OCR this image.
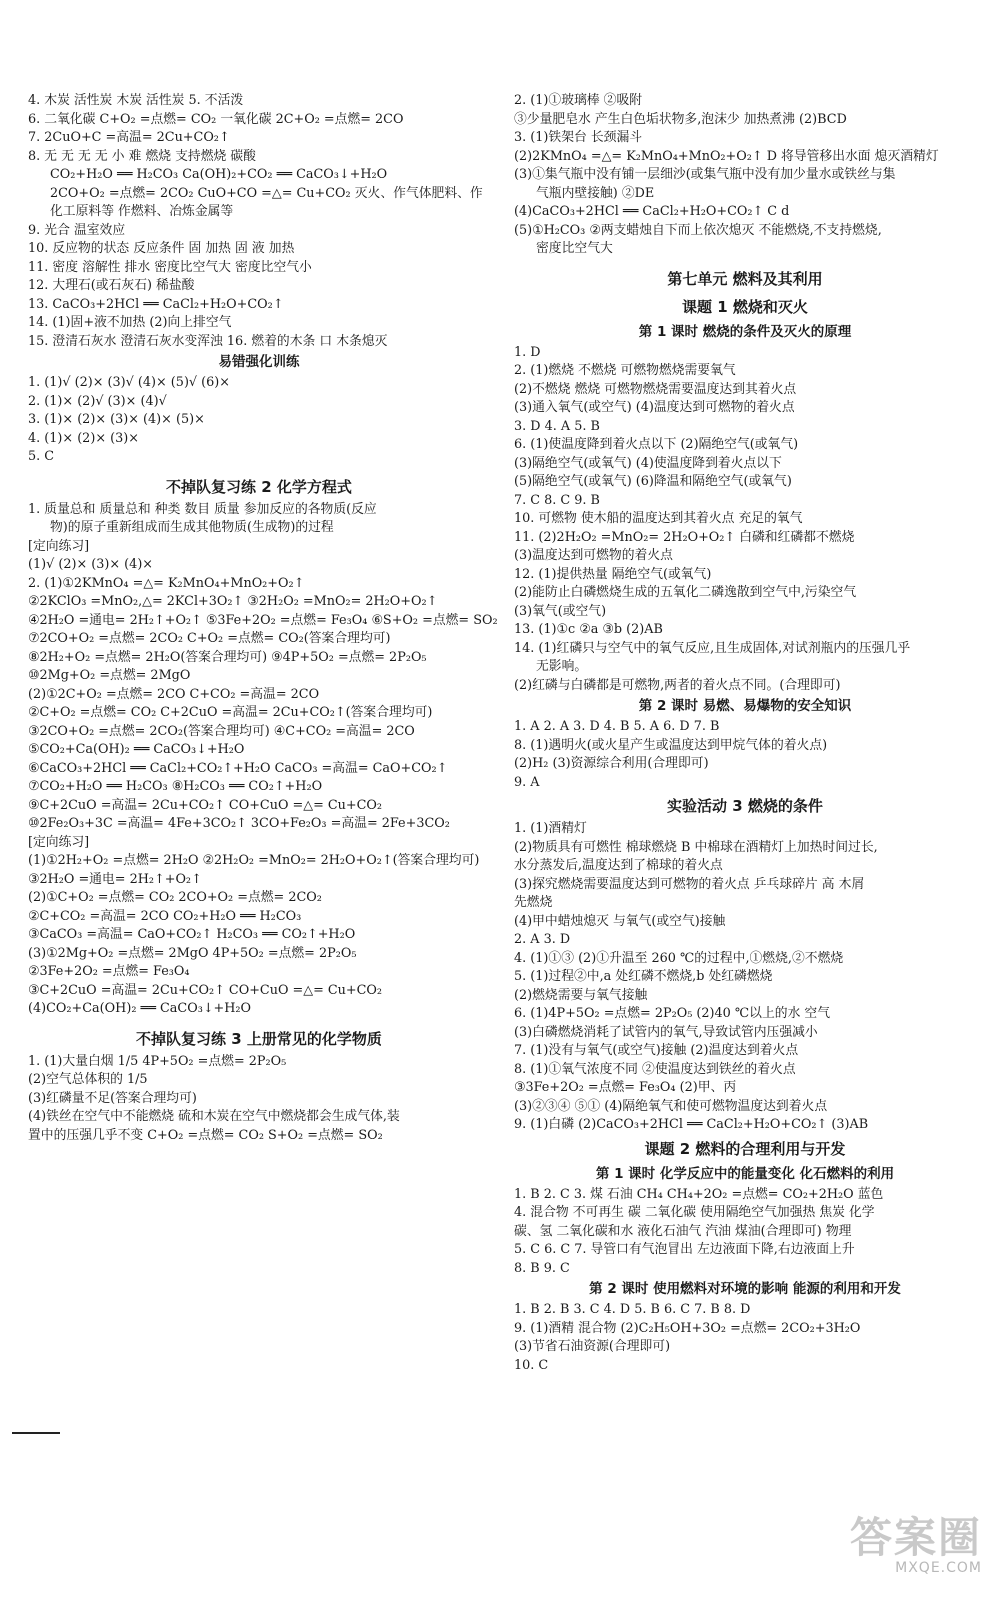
4. 木炭 活性炭 木炭 活性炭 5. 不活泼
6. 二氧化碳 C+O₂ =点燃= CO₂ 一氧化碳 2C+O₂ =点燃= 2CO
7. 2CuO+C =高温= 2Cu+CO₂↑
8. 无 无 无 无 小 难 燃烧 支持燃烧 碳酸
CO₂+H₂O ══ H₂CO₃ Ca(OH)₂+CO₂ ══ CaCO₃↓+H₂O
2CO+O₂ =点燃= 2CO₂ CuO+CO =△= Cu+CO₂ 灭火、作气体肥料、作
化工原料等 作燃料、冶炼金属等
9. 光合 温室效应
10. 反应物的状态 反应条件 固 加热 固 液 加热
11. 密度 溶解性 排水 密度比空气大 密度比空气小
12. 大理石(或石灰石) 稀盐酸
13. CaCO₃+2HCl ══ CaCl₂+H₂O+CO₂↑
14. (1)固+液不加热 (2)向上排空气
15. 澄清石灰水 澄清石灰水变浑浊 16. 燃着的木条 口 木条熄灭
易错强化训练
1. (1)√ (2)× (3)√ (4)× (5)√ (6)×
2. (1)× (2)√ (3)× (4)√
3. (1)× (2)× (3)× (4)× (5)×
4. (1)× (2)× (3)×
5. C
不掉队复习练 2 化学方程式
1. 质量总和 质量总和 种类 数目 质量 参加反应的各物质(反应
物)的原子重新组成而生成其他物质(生成物)的过程
[定向练习]
(1)√ (2)× (3)× (4)×
2. (1)①2KMnO₄ =△= K₂MnO₄+MnO₂+O₂↑
②2KClO₃ =MnO₂,△= 2KCl+3O₂↑ ③2H₂O₂ =MnO₂= 2H₂O+O₂↑
④2H₂O =通电= 2H₂↑+O₂↑ ⑤3Fe+2O₂ =点燃= Fe₃O₄ ⑥S+O₂ =点燃= SO₂
⑦2CO+O₂ =点燃= 2CO₂ C+O₂ =点燃= CO₂(答案合理均可)
⑧2H₂+O₂ =点燃= 2H₂O(答案合理均可) ⑨4P+5O₂ =点燃= 2P₂O₅
⑩2Mg+O₂ =点燃= 2MgO
(2)①2C+O₂ =点燃= 2CO C+CO₂ =高温= 2CO
②C+O₂ =点燃= CO₂ C+2CuO =高温= 2Cu+CO₂↑(答案合理均可)
③2CO+O₂ =点燃= 2CO₂(答案合理均可) ④C+CO₂ =高温= 2CO
⑤CO₂+Ca(OH)₂ ══ CaCO₃↓+H₂O
⑥CaCO₃+2HCl ══ CaCl₂+CO₂↑+H₂O CaCO₃ =高温= CaO+CO₂↑
⑦CO₂+H₂O ══ H₂CO₃ ⑧H₂CO₃ ══ CO₂↑+H₂O
⑨C+2CuO =高温= 2Cu+CO₂↑ CO+CuO =△= Cu+CO₂
⑩2Fe₂O₃+3C =高温= 4Fe+3CO₂↑ 3CO+Fe₂O₃ =高温= 2Fe+3CO₂
[定向练习]
(1)①2H₂+O₂ =点燃= 2H₂O ②2H₂O₂ =MnO₂= 2H₂O+O₂↑(答案合理均可)
③2H₂O =通电= 2H₂↑+O₂↑
(2)①C+O₂ =点燃= CO₂ 2CO+O₂ =点燃= 2CO₂
②C+CO₂ =高温= 2CO CO₂+H₂O ══ H₂CO₃
③CaCO₃ =高温= CaO+CO₂↑ H₂CO₃ ══ CO₂↑+H₂O
(3)①2Mg+O₂ =点燃= 2MgO 4P+5O₂ =点燃= 2P₂O₅
②3Fe+2O₂ =点燃= Fe₃O₄
③C+2CuO =高温= 2Cu+CO₂↑ CO+CuO =△= Cu+CO₂
(4)CO₂+Ca(OH)₂ ══ CaCO₃↓+H₂O
不掉队复习练 3 上册常见的化学物质
1. (1)大量白烟 1/5 4P+5O₂ =点燃= 2P₂O₅
(2)空气总体积的 1/5
(3)红磷量不足(答案合理均可)
(4)铁丝在空气中不能燃烧 硫和木炭在空气中燃烧都会生成气体,装
置中的压强几乎不变 C+O₂ =点燃= CO₂ S+O₂ =点燃= SO₂
2. (1)①玻璃棒 ②吸附
③少量肥皂水 产生白色垢状物多,泡沫少 加热煮沸 (2)BCD
3. (1)铁架台 长颈漏斗
(2)2KMnO₄ =△= K₂MnO₄+MnO₂+O₂↑ D 将导管移出水面 熄灭酒精灯
(3)①集气瓶中没有铺一层细沙(或集气瓶中没有加少量水或铁丝与集
气瓶内壁接触) ②DE
(4)CaCO₃+2HCl ══ CaCl₂+H₂O+CO₂↑ C d
(5)①H₂CO₃ ②两支蜡烛自下而上依次熄灭 不能燃烧,不支持燃烧,
密度比空气大
第七单元 燃料及其利用
课题 1 燃烧和灭火
第 1 课时 燃烧的条件及灭火的原理
1. D
2. (1)燃烧 不燃烧 可燃物燃烧需要氧气
(2)不燃烧 燃烧 可燃物燃烧需要温度达到其着火点
(3)通入氧气(或空气) (4)温度达到可燃物的着火点
3. D 4. A 5. B
6. (1)使温度降到着火点以下 (2)隔绝空气(或氧气)
(3)隔绝空气(或氧气) (4)使温度降到着火点以下
(5)隔绝空气(或氧气) (6)降温和隔绝空气(或氧气)
7. C 8. C 9. B
10. 可燃物 使木船的温度达到其着火点 充足的氧气
11. (2)2H₂O₂ =MnO₂= 2H₂O+O₂↑ 白磷和红磷都不燃烧
(3)温度达到可燃物的着火点
12. (1)提供热量 隔绝空气(或氧气)
(2)能防止白磷燃烧生成的五氧化二磷逸散到空气中,污染空气
(3)氧气(或空气)
13. (1)①c ②a ③b (2)AB
14. (1)红磷只与空气中的氧气反应,且生成固体,对试剂瓶内的压强几乎
无影响。
(2)红磷与白磷都是可燃物,两者的着火点不同。(合理即可)
第 2 课时 易燃、易爆物的安全知识
1. A 2. A 3. D 4. B 5. A 6. D 7. B
8. (1)遇明火(或火星产生或温度达到甲烷气体的着火点)
(2)H₂ (3)资源综合利用(合理即可)
9. A
实验活动 3 燃烧的条件
1. (1)酒精灯
(2)物质具有可燃性 棉球燃烧 B 中棉球在酒精灯上加热时间过长,
水分蒸发后,温度达到了棉球的着火点
(3)探究燃烧需要温度达到可燃物的着火点 乒乓球碎片 高 木屑
先燃烧
(4)甲中蜡烛熄灭 与氧气(或空气)接触
2. A 3. D
4. (1)①③ (2)①升温至 260 ℃的过程中,①燃烧,②不燃烧
5. (1)过程②中,a 处红磷不燃烧,b 处红磷燃烧
(2)燃烧需要与氧气接触
6. (1)4P+5O₂ =点燃= 2P₂O₅ (2)40 ℃以上的水 空气
(3)白磷燃烧消耗了试管内的氧气,导致试管内压强减小
7. (1)没有与氧气(或空气)接触 (2)温度达到着火点
8. (1)①氧气浓度不同 ②使温度达到铁丝的着火点
③3Fe+2O₂ =点燃= Fe₃O₄ (2)甲、丙
(3)②③④ ⑤① (4)隔绝氧气和使可燃物温度达到着火点
9. (1)白磷 (2)CaCO₃+2HCl ══ CaCl₂+H₂O+CO₂↑ (3)AB
课题 2 燃料的合理利用与开发
第 1 课时 化学反应中的能量变化 化石燃料的利用
1. B 2. C 3. 煤 石油 CH₄ CH₄+2O₂ =点燃= CO₂+2H₂O 蓝色
4. 混合物 不可再生 碳 二氧化碳 使用隔绝空气加强热 焦炭 化学
碳、氢 二氧化碳和水 液化石油气 汽油 煤油(合理即可) 物理
5. C 6. C 7. 导管口有气泡冒出 左边液面下降,右边液面上升
8. B 9. C
第 2 课时 使用燃料对环境的影响 能源的利用和开发
1. B 2. B 3. C 4. D 5. B 6. C 7. B 8. D
9. (1)酒精 混合物 (2)C₂H₅OH+3O₂ =点燃= 2CO₂+3H₂O
(3)节省石油资源(合理即可)
10. C
答案圈
MXQE.COM
